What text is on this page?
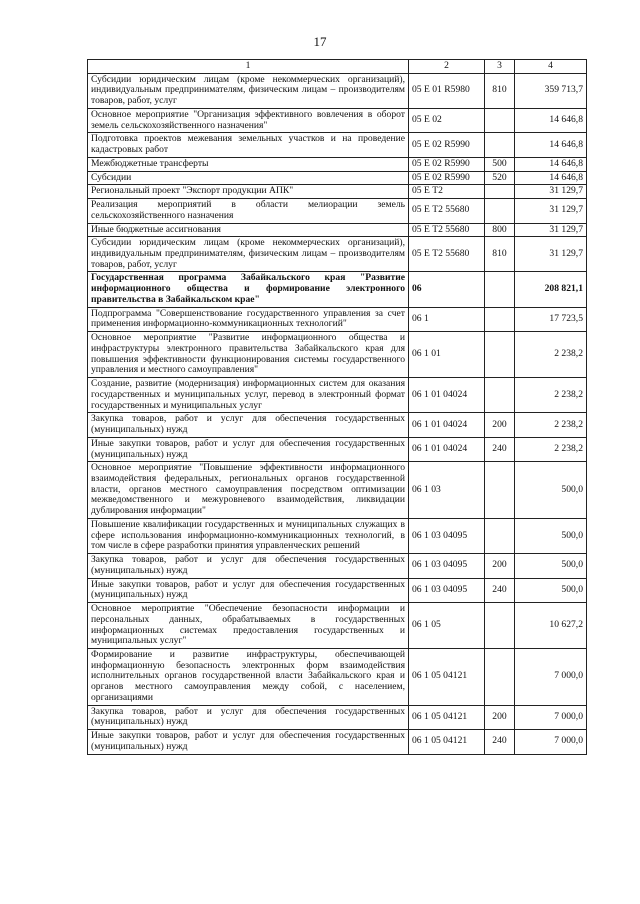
17
1	2	3	4
Субсидии юридическим лицам (кроме некоммерческих организаций), индивидуальным предпринимателям, физическим лицам – производителям товаров, работ, услуг	05 Е 01 R5980	810	359 713,7
Основное мероприятие "Организация эффективного вовлечения в оборот земель сельскохозяйственного назначения"	05 Е 02		14 646,8
Подготовка проектов межевания земельных участков и на проведение кадастровых работ	05 Е 02 R5990		14 646,8
Межбюджетные трансферты	05 Е 02 R5990	500	14 646,8
Субсидии	05 Е 02 R5990	520	14 646,8
Региональный проект "Экспорт продукции АПК"	05 Е Т2		31 129,7
Реализация мероприятий в области мелиорации земель сельскохозяйственного назначения	05 Е Т2 55680		31 129,7
Иные бюджетные ассигнования	05 Е Т2 55680	800	31 129,7
Субсидии юридическим лицам (кроме некоммерческих организаций), индивидуальным предпринимателям, физическим лицам – производителям товаров, работ, услуг	05 Е Т2 55680	810	31 129,7
Государственная программа Забайкальского края "Развитие информационного общества и формирование электронного правительства в Забайкальском крае"	06		208 821,1
Подпрограмма "Совершенствование государственного управления за счет применения информационно-коммуникационных технологий"	06 1		17 723,5
Основное мероприятие "Развитие информационного общества и инфраструктуры электронного правительства Забайкальского края для повышения эффективности функционирования системы государственного управления и местного самоуправления"	06 1 01		2 238,2
Создание, развитие (модернизация) информационных систем для оказания государственных и муниципальных услуг, перевод в электронный формат государственных и муниципальных услуг	06 1 01 04024		2 238,2
Закупка товаров, работ и услуг для обеспечения государственных (муниципальных) нужд	06 1 01 04024	200	2 238,2
Иные закупки товаров, работ и услуг для обеспечения государственных (муниципальных) нужд	06 1 01 04024	240	2 238,2
Основное мероприятие "Повышение эффективности информационного взаимодействия федеральных, региональных органов государственной власти, органов местного самоуправления посредством оптимизации межведомственного и межуровневого взаимодействия, ликвидации дублирования информации"	06 1 03		500,0
Повышение квалификации государственных и муниципальных служащих в сфере использования информационно-коммуникационных технологий, в том числе в сфере разработки принятия управленческих решений	06 1 03 04095		500,0
Закупка товаров, работ и услуг для обеспечения государственных (муниципальных) нужд	06 1 03 04095	200	500,0
Иные закупки товаров, работ и услуг для обеспечения государственных (муниципальных) нужд	06 1 03 04095	240	500,0
Основное мероприятие "Обеспечение безопасности информации и персональных данных, обрабатываемых в государственных информационных системах предоставления государственных и муниципальных услуг"	06 1 05		10 627,2
Формирование и развитие инфраструктуры, обеспечивающей информационную безопасность электронных форм взаимодействия исполнительных органов государственной власти Забайкальского края и органов местного самоуправления между собой, с населением, организациями	06 1 05 04121		7 000,0
Закупка товаров, работ и услуг для обеспечения государственных (муниципальных) нужд	06 1 05 04121	200	7 000,0
Иные закупки товаров, работ и услуг для обеспечения государственных (муниципальных) нужд	06 1 05 04121	240	7 000,0
